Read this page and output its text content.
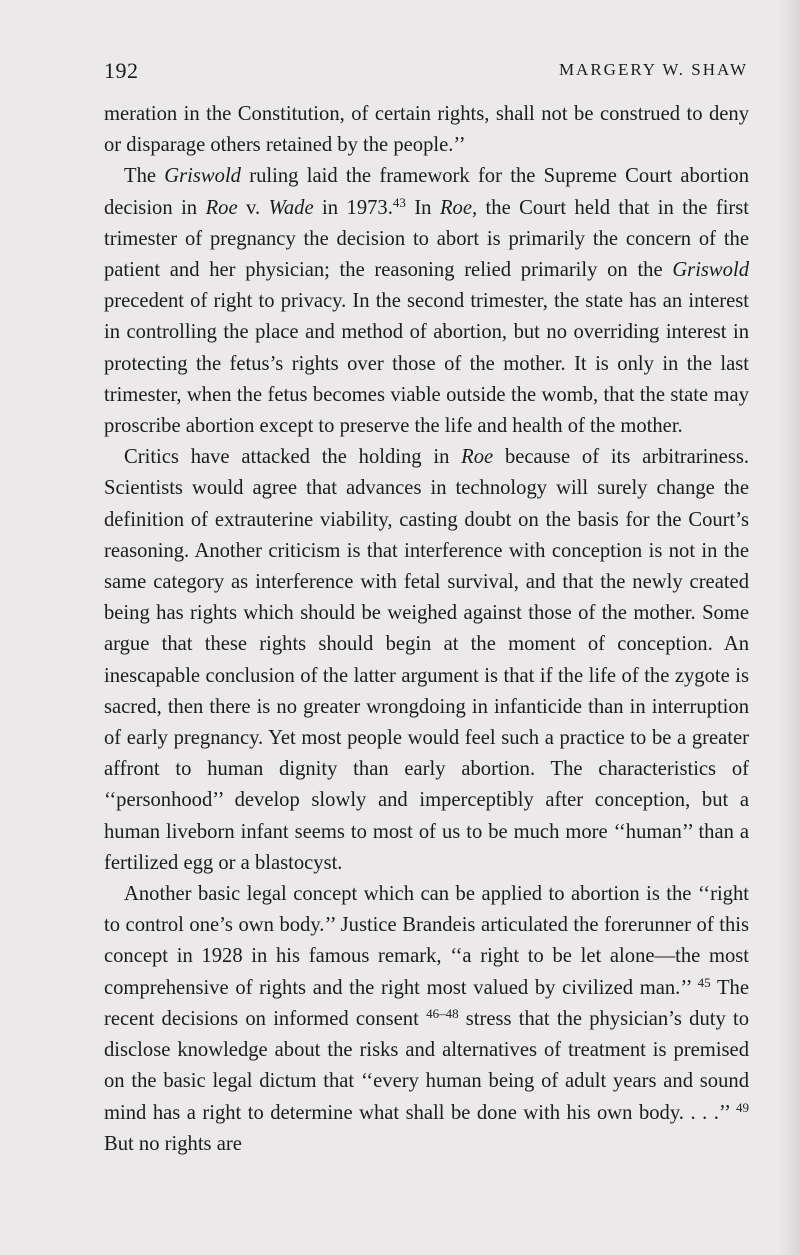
192	MARGERY W. SHAW

meration in the Constitution, of certain rights, shall not be construed to deny or disparage others retained by the people.’’

The Griswold ruling laid the framework for the Supreme Court abortion decision in Roe v. Wade in 1973.43 In Roe, the Court held that in the first trimester of pregnancy the decision to abort is primarily the concern of the patient and her physician; the reasoning relied primarily on the Griswold precedent of right to privacy. In the second trimester, the state has an interest in controlling the place and method of abortion, but no overriding interest in protecting the fetus’s rights over those of the mother. It is only in the last trimester, when the fetus becomes viable outside the womb, that the state may proscribe abortion except to preserve the life and health of the mother.

Critics have attacked the holding in Roe because of its arbitrariness. Scientists would agree that advances in technology will surely change the definition of extrauterine viability, casting doubt on the basis for the Court’s reasoning. Another criticism is that interference with conception is not in the same category as interference with fetal survival, and that the newly created being has rights which should be weighed against those of the mother. Some argue that these rights should begin at the moment of conception. An inescapable conclusion of the latter argument is that if the life of the zygote is sacred, then there is no greater wrongdoing in infanticide than in interruption of early pregnancy. Yet most people would feel such a practice to be a greater affront to human dignity than early abortion. The characteristics of ‘‘personhood’’ develop slowly and imperceptibly after conception, but a human liveborn infant seems to most of us to be much more ‘‘human’’ than a fertilized egg or a blastocyst.

Another basic legal concept which can be applied to abortion is the ‘‘right to control one’s own body.’’ Justice Brandeis articulated the forerunner of this concept in 1928 in his famous remark, ‘‘a right to be let alone—the most comprehensive of rights and the right most valued by civilized man.’’ $^{45}$ The recent decisions on informed consent $^{46-48}$ stress that the physician’s duty to disclose knowledge about the risks and alternatives of treatment is premised on the basic legal dictum that ‘‘every human being of adult years and sound mind has a right to determine what shall be done with his own body. . . .’’ $^{49}$ But no rights are
